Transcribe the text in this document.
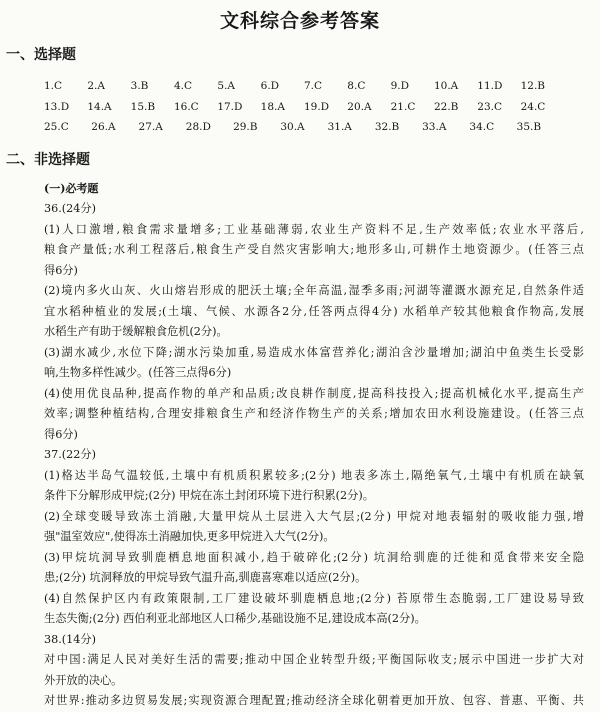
文科综合参考答案
一、选择题
1.C	2.A	3.B	4.C	5.A	6.D	7.C	8.C	9.D	10.A	11.D	12.B
13.D	14.A	15.B	16.C	17.D	18.A	19.D	20.A	21.C	22.B	23.C	24.C
25.C	26.A	27.A	28.D	29.B	30.A	31.A	32.B	33.A	34.C	35.B
二、非选择题
(一)必考题
36.(24分)
(1)人口激增,粮食需求量增多;工业基础薄弱,农业生产资料不足,生产效率低;农业水平落后,
粮食产量低;水利工程落后,粮食生产受自然灾害影响大;地形多山,可耕作土地资源少。(任答三点
得6分)
(2)境内多火山灰、火山熔岩形成的肥沃土壤;全年高温,湿季多雨;河湖等灌溉水源充足,自然条件适
宜水稻种植业的发展;(土壤、气候、水源各2分,任答两点得4分) 水稻单产较其他粮食作物高,发展
水稻生产有助于缓解粮食危机(2分)。
(3)湖水减少,水位下降;湖水污染加重,易造成水体富营养化;湖泊含沙量增加;湖泊中鱼类生长受影
响,生物多样性减少。(任答三点得6分)
(4)使用优良品种,提高作物的单产和品质;改良耕作制度,提高科技投入;提高机械化水平,提高生产
效率;调整种植结构,合理安排粮食生产和经济作物生产的关系;增加农田水利设施建设。(任答三点
得6分)
37.(22分)
(1)格达半岛气温较低,土壤中有机质积累较多;(2分) 地表多冻土,隔绝氧气,土壤中有机质在缺氧
条件下分解形成甲烷;(2分) 甲烷在冻土封闭环境下进行积累(2分)。
(2)全球变暖导致冻土消融,大量甲烷从土层进入大气层;(2分) 甲烷对地表辐射的吸收能力强,增
强"温室效应",使得冻土消融加快,更多甲烷进入大气(2分)。
(3)甲烷坑洞导致驯鹿栖息地面积减小,趋于破碎化;(2分) 坑洞给驯鹿的迁徙和觅食带来安全隐
患;(2分) 坑洞释放的甲烷导致气温升高,驯鹿喜寒难以适应(2分)。
(4)自然保护区内有政策限制,工厂建设破坏驯鹿栖息地;(2分) 苔原带生态脆弱,工厂建设易导致
生态失衡;(2分) 西伯利亚北部地区人口稀少,基础设施不足,建设成本高(2分)。
38.(14分)
对中国:满足人民对美好生活的需要;推动中国企业转型升级;平衡国际收支;展示中国进一步扩大对
外开放的决心。
对世界:推动多边贸易发展;实现资源合理配置;推动经济全球化朝着更加开放、包容、普惠、平衡、共
